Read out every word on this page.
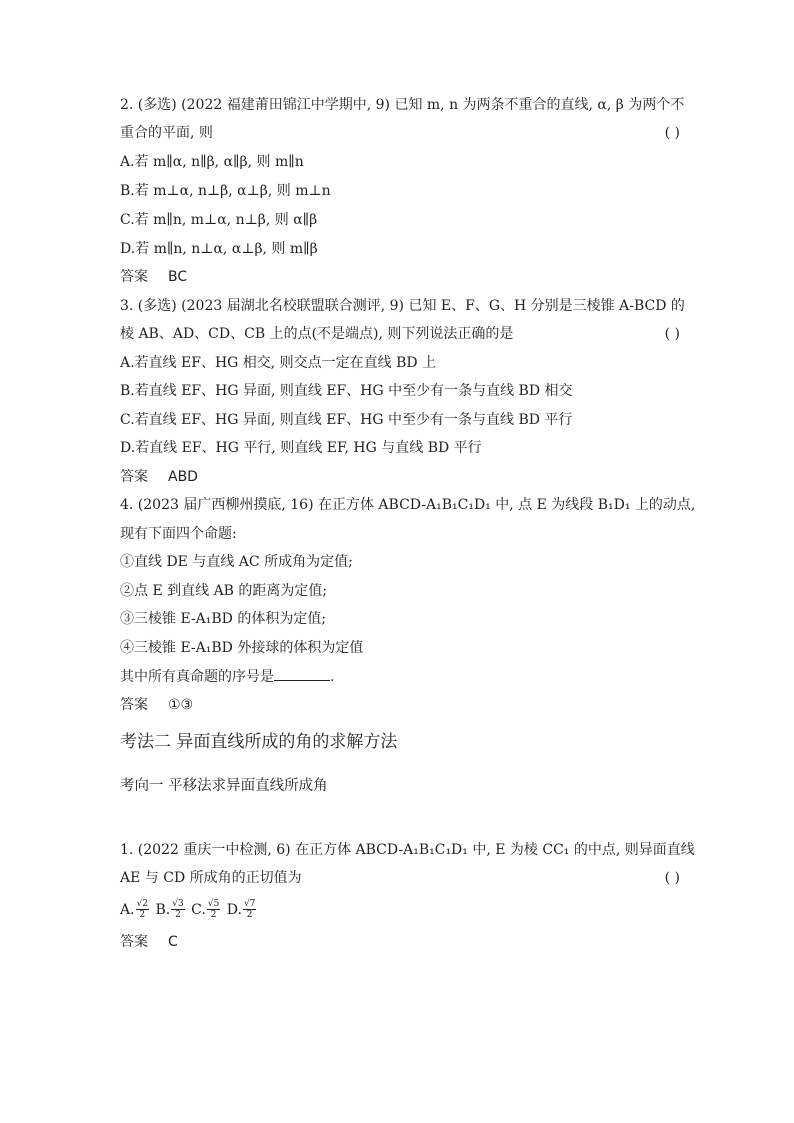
2. (多选) (2022 福建莆田锦江中学期中, 9) 已知 m, n 为两条不重合的直线, α, β 为两个不
重合的平面, 则	( )
A.若 m∥α, n∥β, α∥β, 则 m∥n
B.若 m⊥α, n⊥β, α⊥β, 则 m⊥n
C.若 m∥n, m⊥α, n⊥β, 则 α∥β
D.若 m∥n, n⊥α, α⊥β, 则 m∥β
答案 BC
3. (多选) (2023 届湖北名校联盟联合测评, 9) 已知 E、F、G、H 分别是三棱锥 A-BCD 的
棱 AB、AD、CD、CB 上的点(不是端点), 则下列说法正确的是	( )
A.若直线 EF、HG 相交, 则交点一定在直线 BD 上
B.若直线 EF、HG 异面, 则直线 EF、HG 中至少有一条与直线 BD 相交
C.若直线 EF、HG 异面, 则直线 EF、HG 中至少有一条与直线 BD 平行
D.若直线 EF、HG 平行, 则直线 EF, HG 与直线 BD 平行
答案 ABD
4. (2023 届广西柳州摸底, 16) 在正方体 ABCD-A₁B₁C₁D₁ 中, 点 E 为线段 B₁D₁ 上的动点,
现有下面四个命题:
①直线 DE 与直线 AC 所成角为定值;
②点 E 到直线 AB 的距离为定值;
③三棱锥 E-A₁BD 的体积为定值;
④三棱锥 E-A₁BD 外接球的体积为定值
其中所有真命题的序号是	.
答案 ①③
考法二 异面直线所成的角的求解方法
考向一 平移法求异面直线所成角
1. (2022 重庆一中检测, 6) 在正方体 ABCD-A₁B₁C₁D₁ 中, E 为棱 CC₁ 的中点, 则异面直线
AE 与 CD 所成角的正切值为	( )
A. $\frac{√2}{2} B$. $\frac{√3}{2} C$. $\frac{√5}{2} D$. $\frac{√7}{2}$
答案 C
